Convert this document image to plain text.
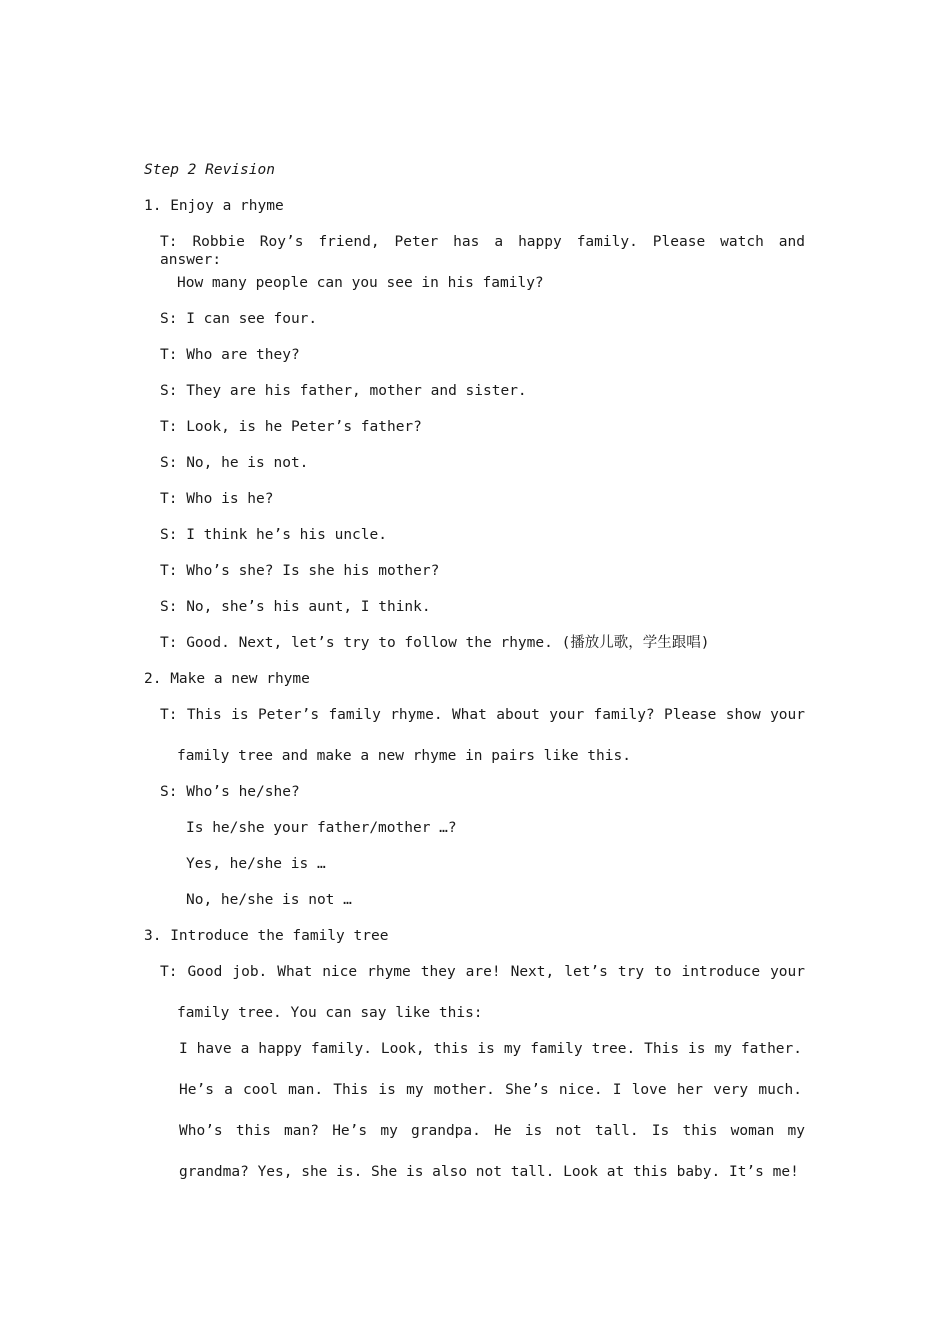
Step 2 Revision
1. Enjoy a rhyme
T: Robbie Roy’s friend, Peter has a happy family. Please watch and answer:
How many people can you see in his family?
S: I can see four.
T: Who are they?
S: They are his father, mother and sister.
T: Look, is he Peter’s father?
S: No, he is not.
T: Who is he?
S: I think he’s his uncle.
T: Who’s she? Is she his mother?
S: No, she’s his aunt, I think.
T: Good. Next, let’s try to follow the rhyme. (播放儿歌，学生跟唱)
2. Make a new rhyme
T: This is Peter’s family rhyme. What about your family? Please show your
family tree and make a new rhyme in pairs like this.
S: Who’s he/she?
Is he/she your father/mother …?
Yes, he/she is …
No, he/she is not …
3. Introduce the family tree
T: Good job. What nice rhyme they are! Next, let’s try to introduce your
family tree. You can say like this:
I have a happy family. Look, this is my family tree. This is my father.
He’s a cool man. This is my mother. She’s nice. I love her very much.
Who’s this man? He’s my grandpa. He is not tall. Is this woman my
grandma? Yes, she is. She is also not tall. Look at this baby. It’s me!
